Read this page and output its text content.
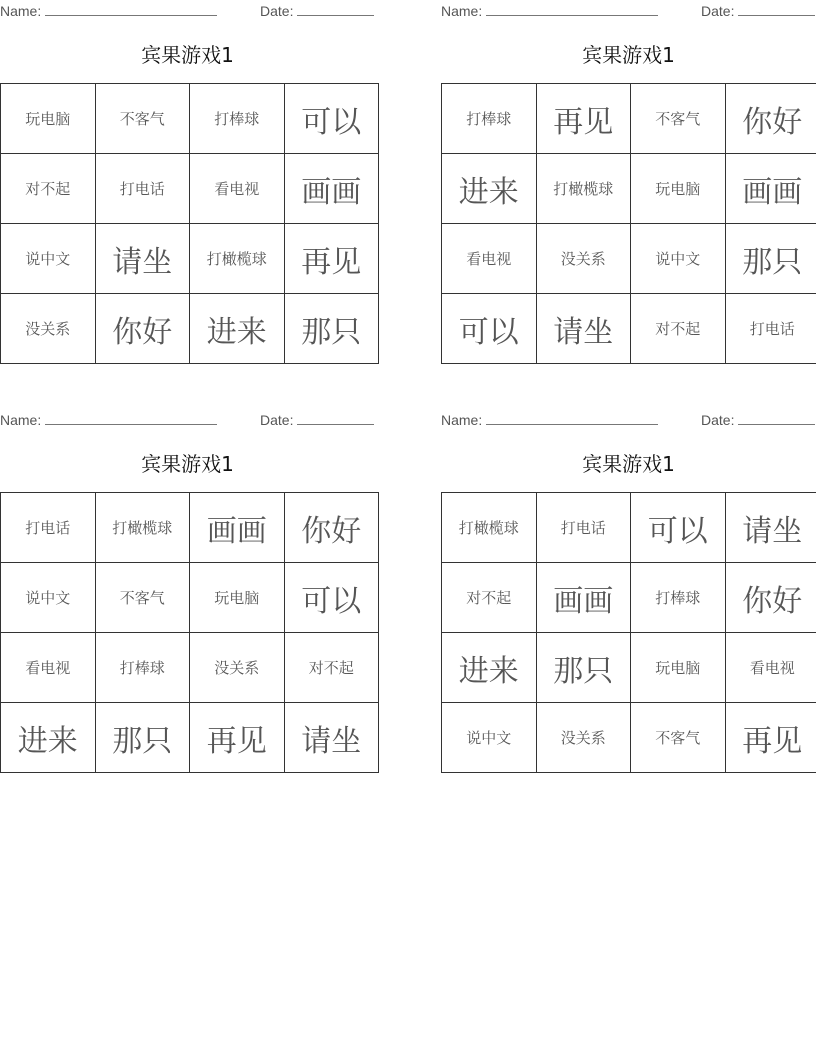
Name:	Date:
宾果游戏1
玩电脑	不客气	打棒球	可以
对不起	打电话	看电视	画画
说中文	请坐	打橄榄球	再见
没关系	你好	进来	那只
Name:	Date:
宾果游戏1
打棒球	再见	不客气	你好
进来	打橄榄球	玩电脑	画画
看电视	没关系	说中文	那只
可以	请坐	对不起	打电话
Name:	Date:
宾果游戏1
打电话	打橄榄球	画画	你好
说中文	不客气	玩电脑	可以
看电视	打棒球	没关系	对不起
进来	那只	再见	请坐
Name:	Date:
宾果游戏1
打橄榄球	打电话	可以	请坐
对不起	画画	打棒球	你好
进来	那只	玩电脑	看电视
说中文	没关系	不客气	再见
